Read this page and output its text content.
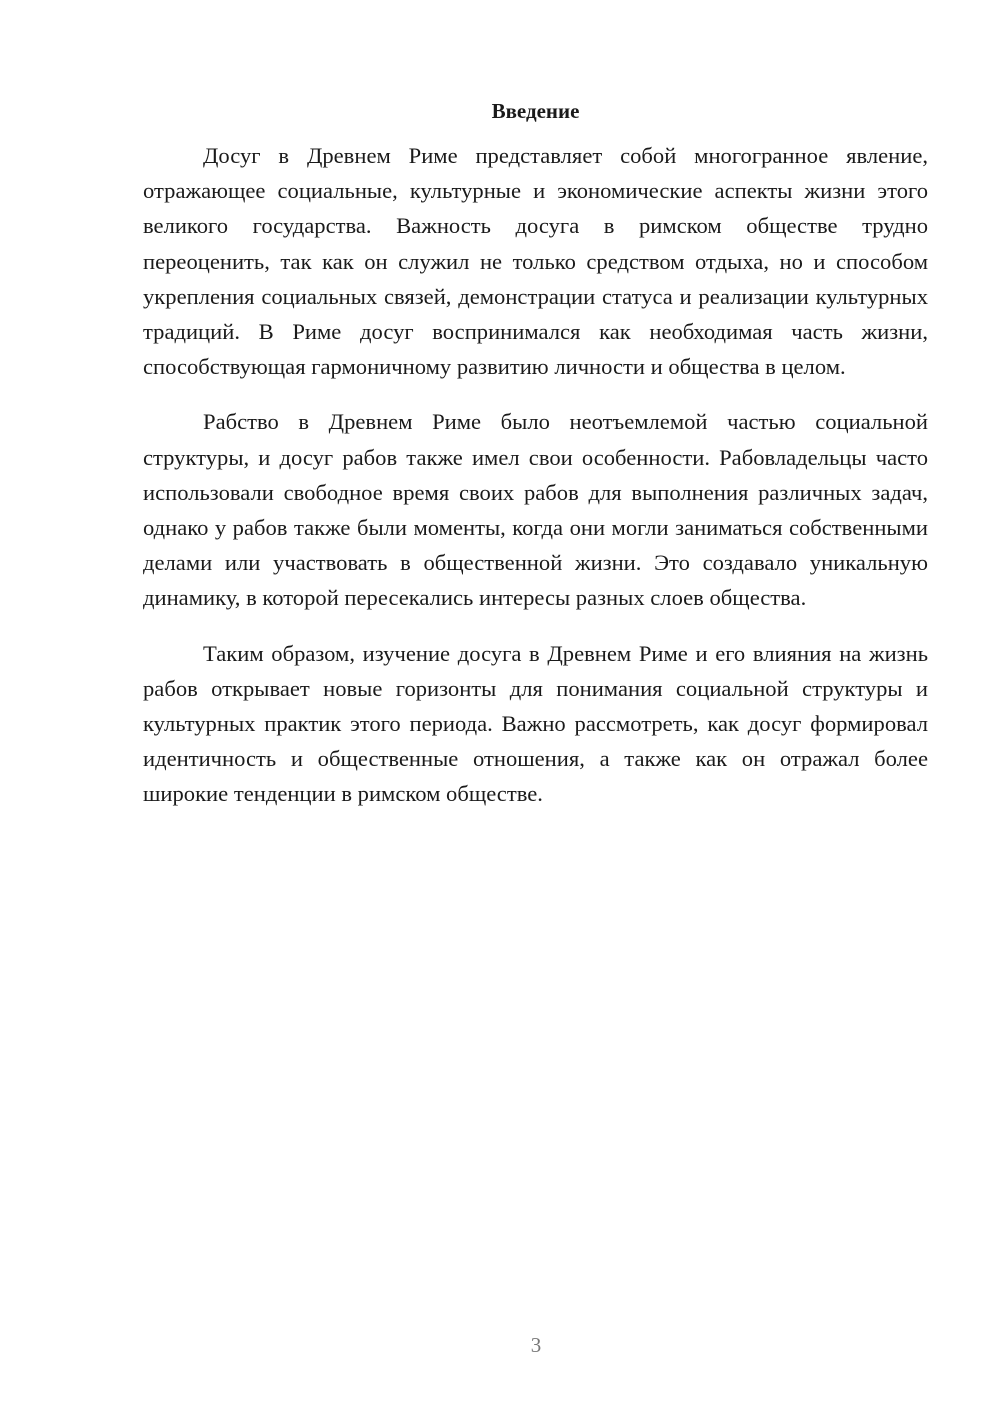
Введение

Досуг в Древнем Риме представляет собой многогранное явление, отражающее социальные, культурные и экономические аспекты жизни этого великого государства. Важность досуга в римском обществе трудно переоценить, так как он служил не только средством отдыха, но и способом укрепления социальных связей, демонстрации статуса и реализации культурных традиций. В Риме досуг воспринимался как необходимая часть жизни, способствующая гармоничному развитию личности и общества в целом.

Рабство в Древнем Риме было неотъемлемой частью социальной структуры, и досуг рабов также имел свои особенности. Рабовладельцы часто использовали свободное время своих рабов для выполнения различных задач, однако у рабов также были моменты, когда они могли заниматься собственными делами или участвовать в общественной жизни. Это создавало уникальную динамику, в которой пересекались интересы разных слоев общества.

Таким образом, изучение досуга в Древнем Риме и его влияния на жизнь рабов открывает новые горизонты для понимания социальной структуры и культурных практик этого периода. Важно рассмотреть, как досуг формировал идентичность и общественные отношения, а также как он отражал более широкие тенденции в римском обществе.

3
